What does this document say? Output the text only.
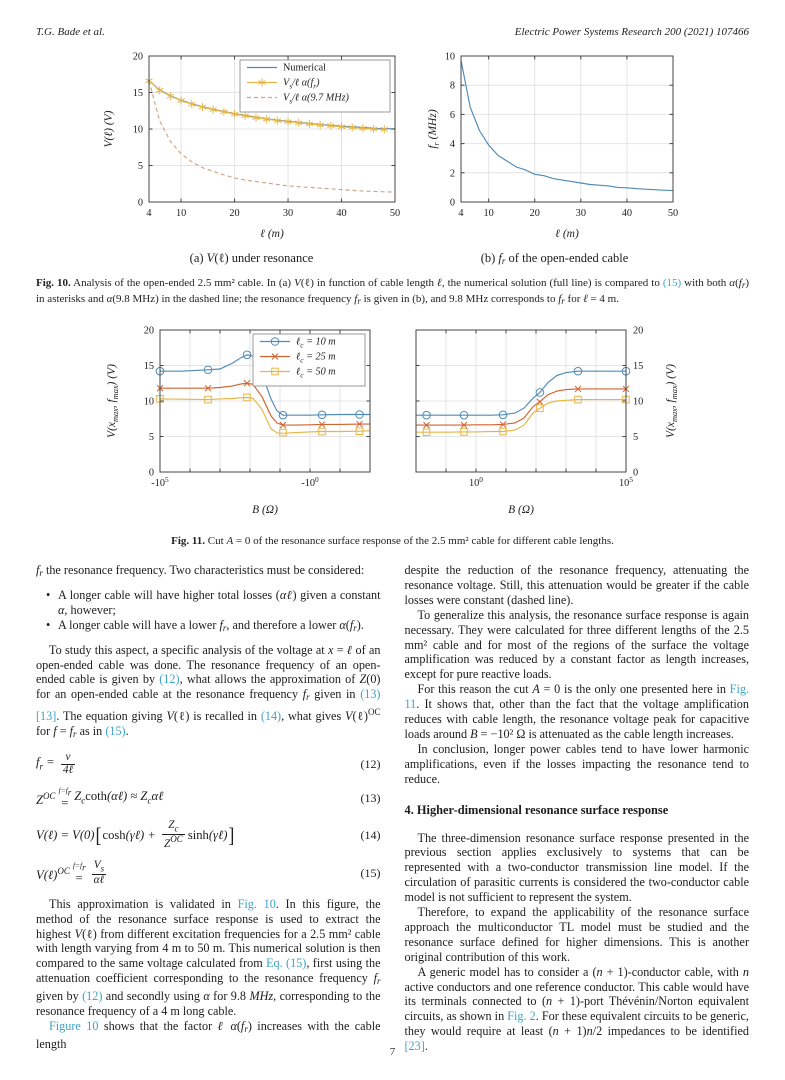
T.G. Bade et al.	Electric Power Systems Research 200 (2021) 107466
4 10	20	30	40	50
0
5
10
15
20
ℓ (m)
V(ℓ) (V)
Numerical
$V_s/\ell$ $\alpha(f_r)$
$V_s/\ell$ α(9.7 MHz)
(a) V(ℓ) under resonance
4 10	20	30	40	50
0
2
4
6
8
10
ℓ (m)
$f_r$ (MHz)
(b) $f_r$ of the open-ended cable

Fig. 10. Analysis of the open-ended 2.5 mm² cable. In (a) V(ℓ) in function of cable length ℓ, the numerical solution (full line) is compared to (15) with both $\alpha(f_r)$ in asterisks and α(9.8 MHz) in the dashed line; the resonance frequency $f_r$ is given in (b), and 9.8 MHz corresponds to $f_r$ for ℓ = 4 m.

$-10^5$	$-10^0$
0
5
10
15
20
B (Ω)
$V(x_{max}$, $f_{max}$) (V)
ℓ$_c$ = 10 m
ℓ$_c$ = 25 m
ℓ$_c$ = 50 m
$10^0$	$10^5$
0
5
10
15
20
B (Ω)
$V(x_{max}$, $f_{max}$) (V)

Fig. 11. Cut A = 0 of the resonance surface response of the 2.5 mm² cable for different cable lengths.

$f_r$ the resonance frequency. Two characteristics must be considered:

• A longer cable will have higher total losses (αℓ) given a constant α, however;
• A longer cable will have a lower $f_r$, and therefore a lower $\alpha(f_r)$.

To study this aspect, a specific analysis of the voltage at x = ℓ of an open-ended cable was done. The resonance frequency of an open-ended cable is given by (12), what allows the approximation of Z(0) for an open-ended cable at the resonance frequency $f_r$ given in (13) [13]. The equation giving V(ℓ) is recalled in (14), what gives V(ℓ)$^{OC}$ for $f = f_r$ as in (15).

$f_r = \frac{v}{\text{4ℓ}}$	(12)
$Z^{OC}$
$f=f_r$
=
$Z_c\cot h(\alpha\ell)$ ≈ $Z_c\alpha\ell$	(13)
V(ℓ) = V(0) [ cosh(γℓ) + $\frac{Z_c}{Z^{OC}}$ sinh(γℓ) ]	(14)
V(ℓ)$^{OC}$
$f=f_r$
= $\frac{V_s}{\text{αℓ}}$	(15)

This approximation is validated in Fig. 10. In this figure, the method of the resonance surface response is used to extract the highest V(ℓ) from different excitation frequencies for a 2.5 mm² cable with length varying from 4 m to 50 m. This numerical solution is then compared to the same voltage calculated from Eq. (15), first using the attenuation coefficient corresponding to the resonance frequency $f_r$ given by (12) and secondly using α for 9.8 MHz, corresponding to the resonance frequency of a 4 m long cable.

Figure 10 shows that the factor ℓ $\alpha(f_r)$ increases with the cable length

despite the reduction of the resonance frequency, attenuating the resonance voltage. Still, this attenuation would be greater if the cable losses were constant (dashed line).

To generalize this analysis, the resonance surface response is again necessary. They were calculated for three different lengths of the 2.5 mm² cable and for most of the regions of the surface the voltage amplification was reduced by a constant factor as length increases, except for pure reactive loads.

For this reason the cut A = 0 is the only one presented here in Fig. 11. It shows that, other than the fact that the voltage amplification reduces with cable length, the resonance voltage peak for capacitive loads around B = −10² Ω is attenuated as the cable length increases.

In conclusion, longer power cables tend to have lower harmonic amplifications, even if the losses impacting the resonance tend to reduce.

4. Higher-dimensional resonance surface response

The three-dimension resonance surface response presented in the previous section applies exclusively to systems that can be represented with a two-conductor transmission line model. If the circulation of parasitic currents is considered the two-conductor cable model is not sufficient to represent the system.

Therefore, to expand the applicability of the resonance surface approach the multiconductor TL model must be studied and the resonance surface defined for higher dimensions. This is another original contribution of this work.

A generic model has to consider a (n + 1)-conductor cable, with n active conductors and one reference conductor. This cable would have its terminals connected to (n + 1)-port Thévénin/Norton equivalent circuits, as shown in Fig. 2. For these equivalent circuits to be generic, they would require at least (n + 1)n/2 impedances to be identified [23].

7
